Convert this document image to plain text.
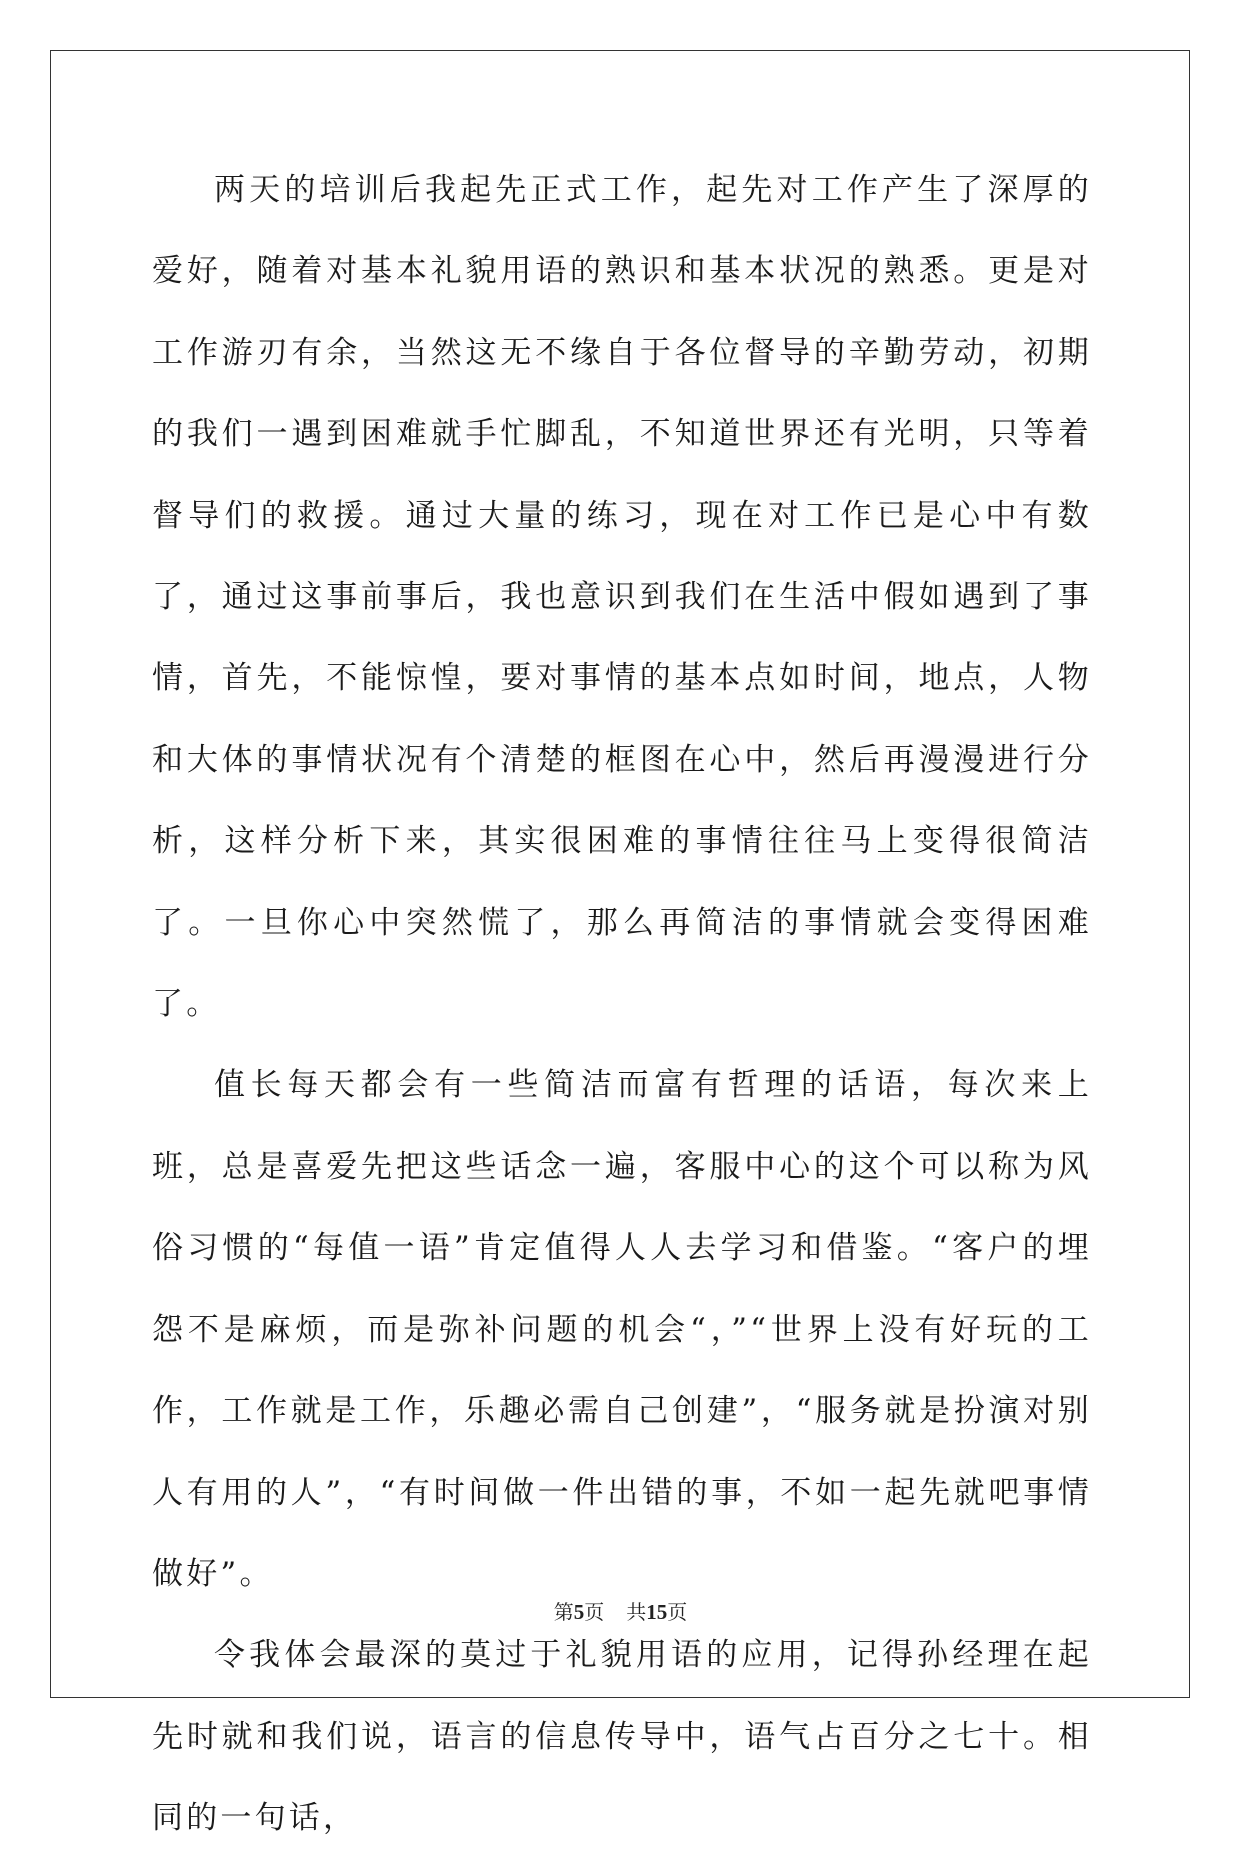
两天的培训后我起先正式工作，起先对工作产生了深厚的爱好，随着对基本礼貌用语的熟识和基本状况的熟悉。更是对工作游刃有余，当然这无不缘自于各位督导的辛勤劳动，初期的我们一遇到困难就手忙脚乱，不知道世界还有光明，只等着督导们的救援。通过大量的练习，现在对工作已是心中有数了，通过这事前事后，我也意识到我们在生活中假如遇到了事情，首先，不能惊惶，要对事情的基本点如时间，地点，人物和大体的事情状况有个清楚的框图在心中，然后再漫漫进行分析，这样分析下来，其实很困难的事情往往马上变得很简洁了。一旦你心中突然慌了，那么再简洁的事情就会变得困难了。

值长每天都会有一些简洁而富有哲理的话语，每次来上班，总是喜爱先把这些话念一遍，客服中心的这个可以称为风俗习惯的“每值一语”肯定值得人人去学习和借鉴。“客户的埋怨不是麻烦，而是弥补问题的机会“，”“世界上没有好玩的工作，工作就是工作，乐趣必需自己创建”，“服务就是扮演对别人有用的人”，“有时间做一件出错的事，不如一起先就吧事情做好”。

令我体会最深的莫过于礼貌用语的应用，记得孙经理在起先时就和我们说，语言的信息传导中，语气占百分之七十。相同的一句话，

第5页 共15页
